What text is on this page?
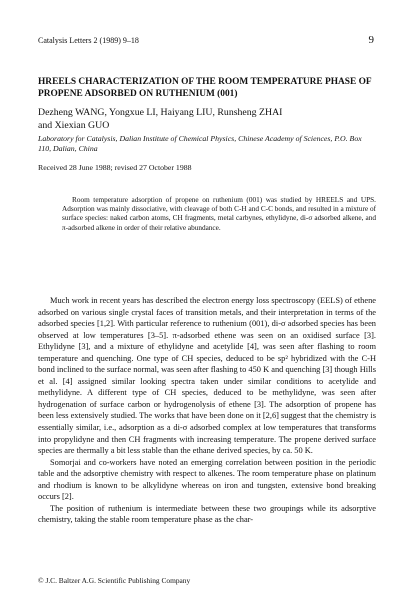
Catalysis Letters 2 (1989) 9–18	9
HREELS CHARACTERIZATION OF THE ROOM TEMPERATURE PHASE OF PROPENE ADSORBED ON RUTHENIUM (001)
Dezheng WANG, Yongxue LI, Haiyang LIU, Runsheng ZHAI
and Xiexian GUO
Laboratory for Catalysis, Dalian Institute of Chemical Physics, Chinese Academy of Sciences, P.O. Box 110, Dalian, China
Received 28 June 1988; revised 27 October 1988

Room temperature adsorption of propene on ruthenium (001) was studied by HREELS and UPS. Adsorption was mainly dissociative, with cleavage of both C-H and C-C bonds, and resulted in a mixture of surface species: naked carbon atoms, CH fragments, metal carbynes, ethylidyne, di-σ adsorbed alkene, and π-adsorbed alkene in order of their relative abundance.

Much work in recent years has described the electron energy loss spectroscopy (EELS) of ethene adsorbed on various single crystal faces of transition metals, and their interpretation in terms of the adsorbed species [1,2]. With particular reference to ruthenium (001), di-σ adsorbed species has been observed at low temperatures [3–5]. π-adsorbed ethene was seen on an oxidised surface [3]. Ethylidyne [3], and a mixture of ethylidyne and acetylide [4], was seen after flashing to room temperature and quenching. One type of CH species, deduced to be sp² hybridized with the C-H bond inclined to the surface normal, was seen after flashing to 450 K and quenching [3] though Hills et al. [4] assigned similar looking spectra taken under similar conditions to acetylide and methylidyne. A different type of CH species, deduced to be methylidyne, was seen after hydrogenation of surface carbon or hydrogenolysis of ethene [3]. The adsorption of propene has been less extensively studied. The works that have been done on it [2,6] suggest that the chemistry is essentially similar, i.e., adsorption as a di-σ adsorbed complex at low temperatures that transforms into propylidyne and then CH fragments with increasing temperature. The propene derived surface species are thermally a bit less stable than the ethane derived species, by ca. 50 K.

Somorjai and co-workers have noted an emerging correlation between position in the periodic table and the adsorptive chemistry with respect to alkenes. The room temperature phase on platinum and rhodium is known to be alkylidyne whereas on iron and tungsten, extensive bond breaking occurs [2].

The position of ruthenium is intermediate between these two groupings while its adsorptive chemistry, taking the stable room temperature phase as the char-

© J.C. Baltzer A.G. Scientific Publishing Company
